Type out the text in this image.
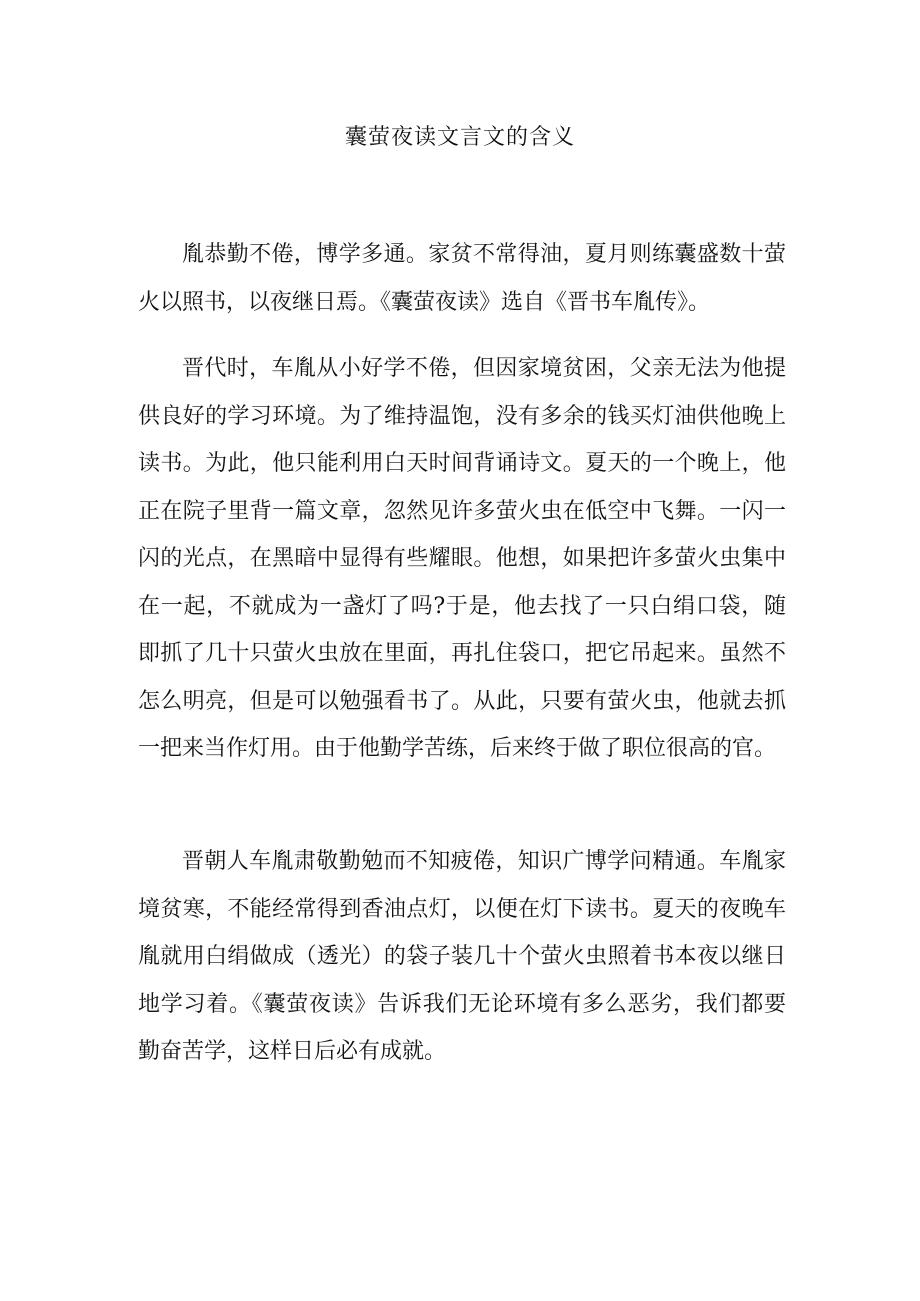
囊萤夜读文言文的含义

胤恭勤不倦，博学多通。家贫不常得油，夏月则练囊盛数十萤火以照书，以夜继日焉。《囊萤夜读》选自《晋书车胤传》。

晋代时，车胤从小好学不倦，但因家境贫困，父亲无法为他提供良好的学习环境。为了维持温饱，没有多余的钱买灯油供他晚上读书。为此，他只能利用白天时间背诵诗文。夏天的一个晚上，他正在院子里背一篇文章，忽然见许多萤火虫在低空中飞舞。一闪一闪的光点，在黑暗中显得有些耀眼。他想，如果把许多萤火虫集中在一起，不就成为一盏灯了吗?于是，他去找了一只白绢口袋，随即抓了几十只萤火虫放在里面，再扎住袋口，把它吊起来。虽然不怎么明亮，但是可以勉强看书了。从此，只要有萤火虫，他就去抓一把来当作灯用。由于他勤学苦练，后来终于做了职位很高的官。

晋朝人车胤肃敬勤勉而不知疲倦，知识广博学问精通。车胤家境贫寒，不能经常得到香油点灯，以便在灯下读书。夏天的夜晚车胤就用白绢做成（透光）的袋子装几十个萤火虫照着书本夜以继日地学习着。《囊萤夜读》告诉我们无论环境有多么恶劣，我们都要勤奋苦学，这样日后必有成就。
